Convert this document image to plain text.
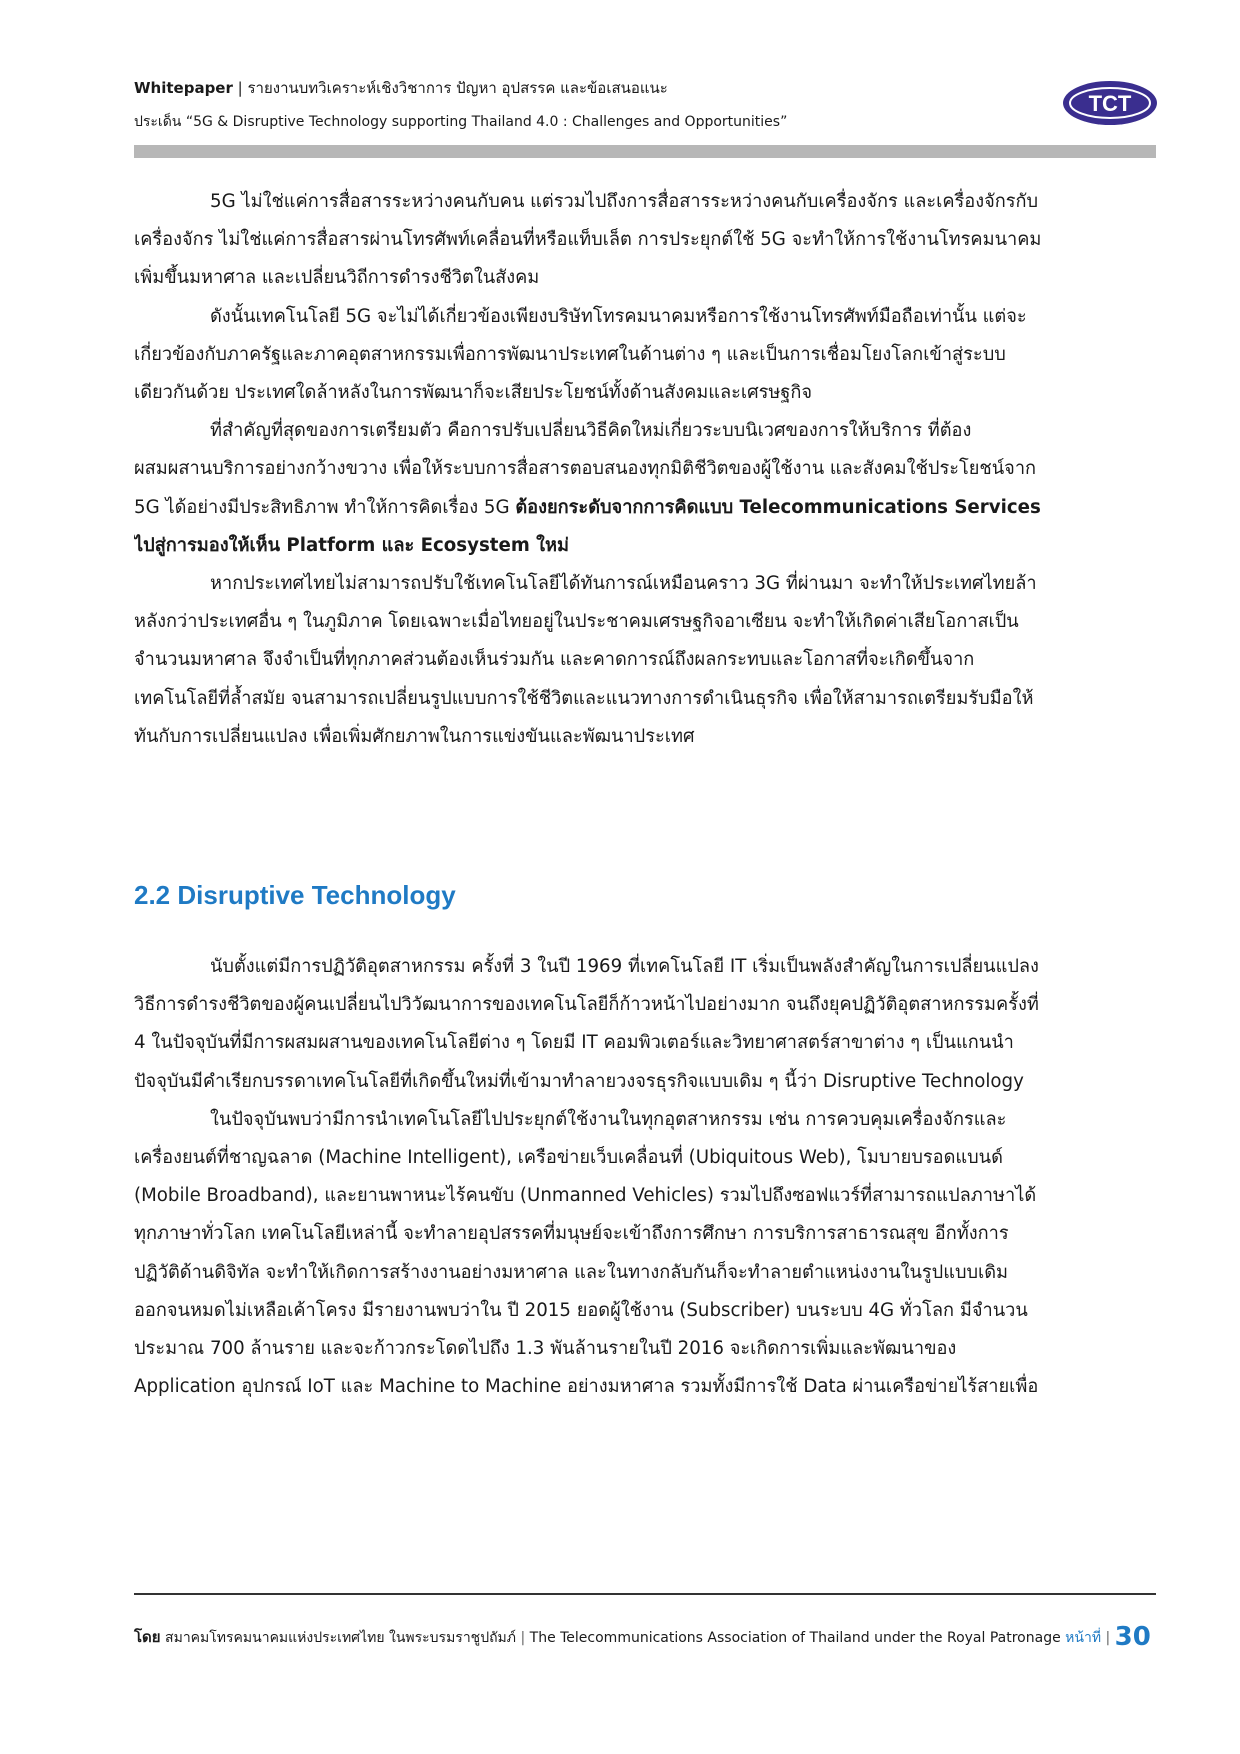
Whitepaper | รายงานบทวิเคราะห์เชิงวิชาการ ปัญหา อุปสรรค และข้อเสนอแนะ
ประเด็น “5G & Disruptive Technology supporting Thailand 4.0 : Challenges and Opportunities”
TCT

5G ไม่ใช่แค่การสื่อสารระหว่างคนกับคน แต่รวมไปถึงการสื่อสารระหว่างคนกับเครื่องจักร และเครื่องจักรกับ

เครื่องจักร ไม่ใช่แค่การสื่อสารผ่านโทรศัพท์เคลื่อนที่หรือแท็บเล็ต การประยุกต์ใช้ 5G จะทำให้การใช้งานโทรคมนาคม
เพิ่มขึ้นมหาศาล และเปลี่ยนวิถีการดำรงชีวิตในสังคม

ดังนั้นเทคโนโลยี 5G จะไม่ได้เกี่ยวข้องเพียงบริษัทโทรคมนาคมหรือการใช้งานโทรศัพท์มือถือเท่านั้น แต่จะ

เกี่ยวข้องกับภาครัฐและภาคอุตสาหกรรมเพื่อการพัฒนาประเทศในด้านต่าง ๆ และเป็นการเชื่อมโยงโลกเข้าสู่ระบบ
เดียวกันด้วย ประเทศใดล้าหลังในการพัฒนาก็จะเสียประโยชน์ทั้งด้านสังคมและเศรษฐกิจ

ที่สำคัญที่สุดของการเตรียมตัว คือการปรับเปลี่ยนวิธีคิดใหม่เกี่ยวระบบนิเวศของการให้บริการ ที่ต้อง

ผสมผสานบริการอย่างกว้างขวาง เพื่อให้ระบบการสื่อสารตอบสนองทุกมิติชีวิตของผู้ใช้งาน และสังคมใช้ประโยชน์จาก
5G ได้อย่างมีประสิทธิภาพ ทำให้การคิดเรื่อง 5G ต้องยกระดับจากการคิดแบบ Telecommunications Services
ไปสู่การมองให้เห็น Platform และ Ecosystem ใหม่

หากประเทศไทยไม่สามารถปรับใช้เทคโนโลยีได้ทันการณ์เหมือนคราว 3G ที่ผ่านมา จะทำให้ประเทศไทยล้า

หลังกว่าประเทศอื่น ๆ ในภูมิภาค โดยเฉพาะเมื่อไทยอยู่ในประชาคมเศรษฐกิจอาเซียน จะทำให้เกิดค่าเสียโอกาสเป็น
จำนวนมหาศาล จึงจำเป็นที่ทุกภาคส่วนต้องเห็นร่วมกัน และคาดการณ์ถึงผลกระทบและโอกาสที่จะเกิดขึ้นจาก
เทคโนโลยีที่ล้ำสมัย จนสามารถเปลี่ยนรูปแบบการใช้ชีวิตและแนวทางการดำเนินธุรกิจ เพื่อให้สามารถเตรียมรับมือให้
ทันกับการเปลี่ยนแปลง เพื่อเพิ่มศักยภาพในการแข่งขันและพัฒนาประเทศ

2.2 Disruptive Technology

นับตั้งแต่มีการปฏิวัติอุตสาหกรรม ครั้งที่ 3 ในปี 1969 ที่เทคโนโลยี IT เริ่มเป็นพลังสำคัญในการเปลี่ยนแปลง

วิธีการดำรงชีวิตของผู้คนเปลี่ยนไปวิวัฒนาการของเทคโนโลยีก็ก้าวหน้าไปอย่างมาก จนถึงยุคปฏิวัติอุตสาหกรรมครั้งที่

4 ในปัจจุบันที่มีการผสมผสานของเทคโนโลยีต่าง ๆ โดยมี IT คอมพิวเตอร์และวิทยาศาสตร์สาขาต่าง ๆ เป็นแกนนำ

ปัจจุบันมีคำเรียกบรรดาเทคโนโลยีที่เกิดขึ้นใหม่ที่เข้ามาทำลายวงจรธุรกิจแบบเดิม ๆ นี้ว่า Disruptive Technology

ในปัจจุบันพบว่ามีการนำเทคโนโลยีไปประยุกต์ใช้งานในทุกอุตสาหกรรม เช่น การควบคุมเครื่องจักรและ

เครื่องยนต์ที่ชาญฉลาด (Machine Intelligent), เครือข่ายเว็บเคลื่อนที่ (Ubiquitous Web), โมบายบรอดแบนด์

(Mobile Broadband), และยานพาหนะไร้คนขับ (Unmanned Vehicles) รวมไปถึงซอฟแวร์ที่สามารถแปลภาษาได้

ทุกภาษาทั่วโลก เทคโนโลยีเหล่านี้ จะทำลายอุปสรรคที่มนุษย์จะเข้าถึงการศึกษา การบริการสาธารณสุข อีกทั้งการ

ปฏิวัติด้านดิจิทัล จะทำให้เกิดการสร้างงานอย่างมหาศาล และในทางกลับกันก็จะทำลายตำแหน่งงานในรูปแบบเดิม

ออกจนหมดไม่เหลือเค้าโครง มีรายงานพบว่าใน ปี 2015 ยอดผู้ใช้งาน (Subscriber) บนระบบ 4G ทั่วโลก มีจำนวน

ประมาณ 700 ล้านราย และจะก้าวกระโดดไปถึง 1.3 พันล้านรายในปี 2016 จะเกิดการเพิ่มและพัฒนาของ

Application อุปกรณ์ IoT และ Machine to Machine อย่างมหาศาล รวมทั้งมีการใช้ Data ผ่านเครือข่ายไร้สายเพื่อ

โดย สมาคมโทรคมนาคมแห่งประเทศไทย ในพระบรมราชูปถัมภ์ | The Telecommunications Association of Thailand under the Royal Patronage หน้าที่ | 30
